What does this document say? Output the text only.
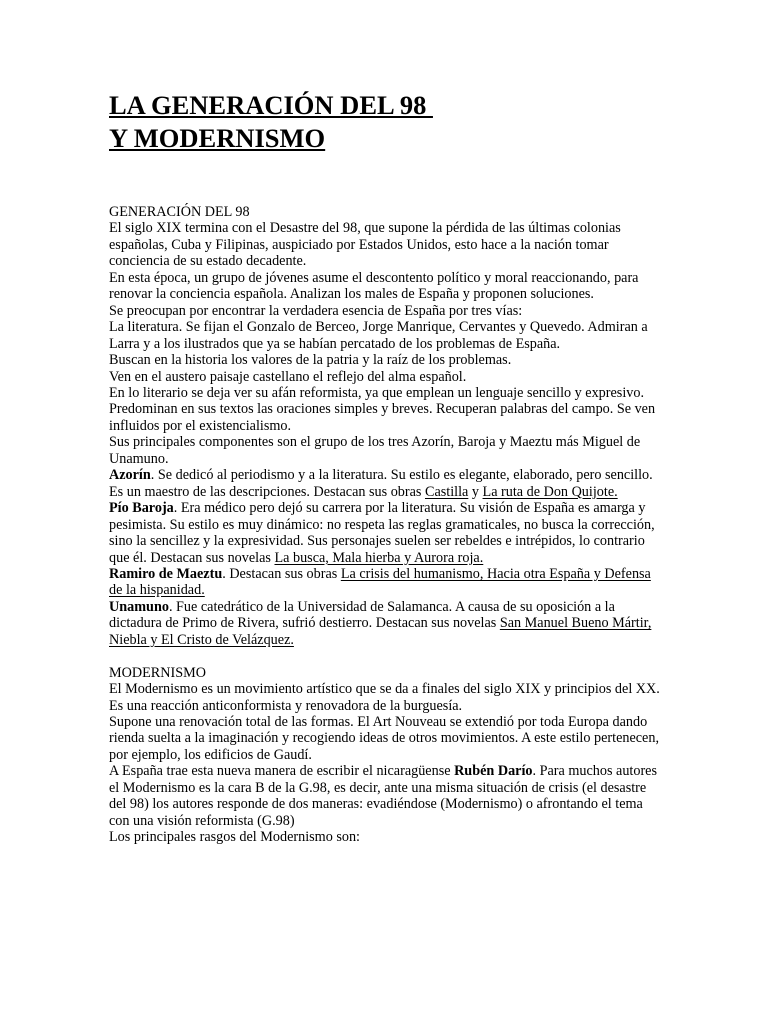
LA GENERACIÓN DEL 98
Y MODERNISMO

GENERACIÓN DEL 98

El siglo XIX termina con el Desastre del 98, que supone la pérdida de las últimas colonias españolas, Cuba y Filipinas, auspiciado por Estados Unidos, esto hace a la nación tomar conciencia de su estado decadente.

En esta época, un grupo de jóvenes asume el descontento político y moral reaccionando, para renovar la conciencia española. Analizan los males de España y proponen soluciones.

Se preocupan por encontrar la verdadera esencia de España por tres vías:

La literatura. Se fijan el Gonzalo de Berceo, Jorge Manrique, Cervantes y Quevedo. Admiran a Larra y a los ilustrados que ya se habían percatado de los problemas de España.

Buscan en la historia los valores de la patria y la raíz de los problemas.

Ven en el austero paisaje castellano el reflejo del alma español.

En lo literario se deja ver su afán reformista, ya que emplean un lenguaje sencillo y expresivo. Predominan en sus textos las oraciones simples y breves. Recuperan palabras del campo. Se ven influidos por el existencialismo.

Sus principales componentes son el grupo de los tres Azorín, Baroja y Maeztu más Miguel de Unamuno.

Azorín. Se dedicó al periodismo y a la literatura. Su estilo es elegante, elaborado, pero sencillo. Es un maestro de las descripciones. Destacan sus obras Castilla y La ruta de Don Quijote.

Pío Baroja. Era médico pero dejó su carrera por la literatura. Su visión de España es amarga y pesimista. Su estilo es muy dinámico: no respeta las reglas gramaticales, no busca la corrección, sino la sencillez y la expresividad. Sus personajes suelen ser rebeldes e intrépidos, lo contrario que él. Destacan sus novelas La busca, Mala hierba y Aurora roja.

Ramiro de Maeztu. Destacan sus obras La crisis del humanismo, Hacia otra España y Defensa de la hispanidad.

Unamuno. Fue catedrático de la Universidad de Salamanca. A causa de su oposición a la dictadura de Primo de Rivera, sufrió destierro. Destacan sus novelas San Manuel Bueno Mártir, Niebla y El Cristo de Velázquez.

MODERNISMO

El Modernismo es un movimiento artístico que se da a finales del siglo XIX y principios del XX. Es una reacción anticonformista y renovadora de la burguesía.

Supone una renovación total de las formas. El Art Nouveau se extendió por toda Europa dando rienda suelta a la imaginación y recogiendo ideas de otros movimientos. A este estilo pertenecen, por ejemplo, los edificios de Gaudí.

A España trae esta nueva manera de escribir el nicaragüense Rubén Darío. Para muchos autores el Modernismo es la cara B de la G.98, es decir, ante una misma situación de crisis (el desastre del 98) los autores responde de dos maneras: evadiéndose (Modernismo) o afrontando el tema con una visión reformista (G.98)

Los principales rasgos del Modernismo son:
